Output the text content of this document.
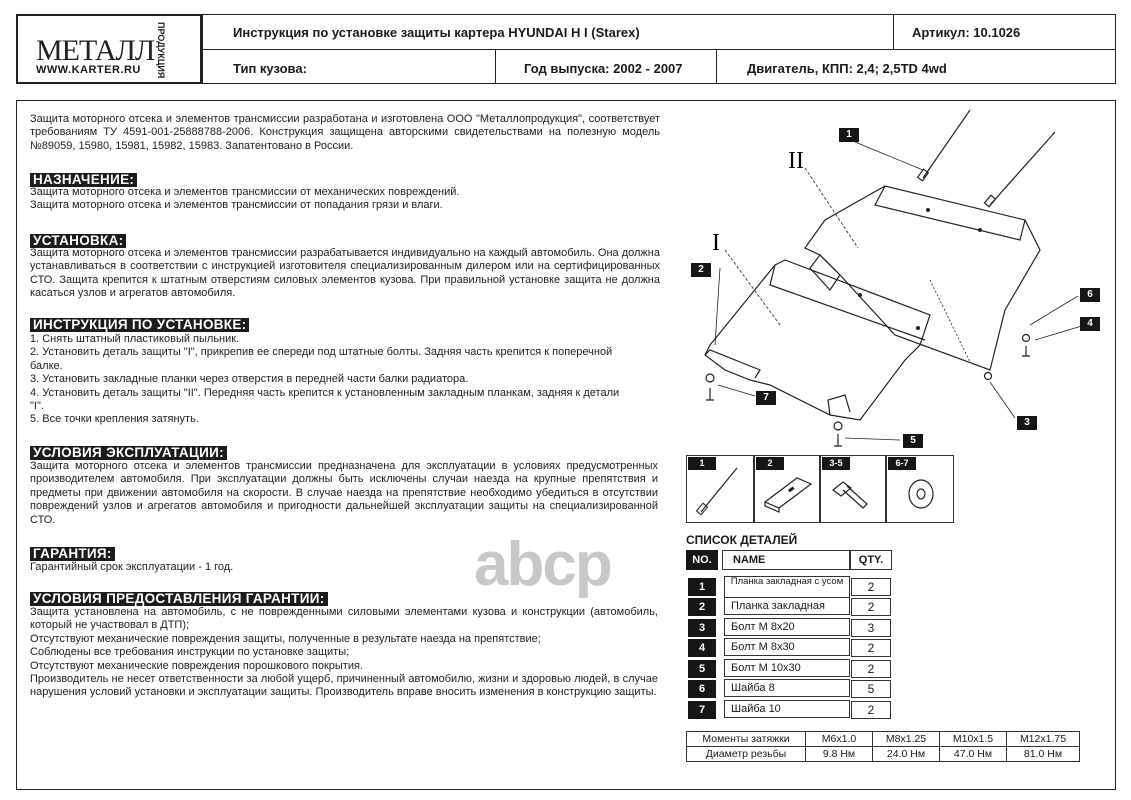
МЕТАЛЛ
WWW.KARTER.RU ПРОДУКЦИЯ	Инструкция по установке защиты картера HYUNDAI H I (Starex)	Артикул: 10.1026
Тип кузова:	Год выпуска: 2002 - 2007	Двигатель, КПП: 2,4; 2,5TD 4wd
Защита моторного отсека и элементов трансмиссии разработана и изготовлена ООО "Металлопродукция", соответствует требованиям ТУ 4591-001-25888788-2006. Конструкция защищена авторскими свидетельствами на полезную модель №89059, 15980, 15981, 15982, 15983. Запатентовано в России.
НАЗНАЧЕНИЕ:
Защита моторного отсека и элементов трансмиссии от механических повреждений.
Защита моторного отсека и элементов трансмиссии от попадания грязи и влаги.
УСТАНОВКА:
Защита моторного отсека и элементов трансмиссии разрабатывается индивидуально на каждый автомобиль. Она должна устанавливаться в соответствии с инструкцией изготовителя специализированным дилером или на сертифицированных СТО. Защита крепится к штатным отверстиям силовых элементов кузова. При правильной установке защита не должна касаться узлов и агрегатов автомобиля.
ИНСТРУКЦИЯ ПО УСТАНОВКЕ:
1. Снять штатный пластиковый пыльник.
2. Установить деталь защиты "I", прикрепив ее спереди под штатные болты. Задняя часть крепится к поперечной балке.
3. Установить закладные планки через отверстия в передней части балки радиатора.
4. Установить деталь защиты "II". Передняя часть крепится к установленным закладным планкам, задняя к детали "I".
5. Все точки крепления затянуть.
УСЛОВИЯ ЭКСПЛУАТАЦИИ:
Защита моторного отсека и элементов трансмиссии предназначена для эксплуатации в условиях предусмотренных производителем автомобиля. При эксплуатации должны быть исключены случаи наезда на крупные препятствия и предметы при движении автомобиля на скорости. В случае наезда на препятствие необходимо убедиться в отсутствии повреждений узлов и агрегатов автомобиля и пригодности дальнейшей эксплуатации защиты на специализированной СТО.
ГАРАНТИЯ:
Гарантийный срок эксплуатации - 1 год.
УСЛОВИЯ ПРЕДОСТАВЛЕНИЯ ГАРАНТИИ:
Защита установлена на автомобиль, с не поврежденными силовыми элементами кузова и конструкции (автомобиль, который не участвовал в ДТП);
Отсутствуют механические повреждения защиты, полученные в результате наезда на препятствие;
Соблюдены все требования инструкции по установке защиты;
Отсутствуют механические повреждения порошкового покрытия.
Производитель не несет ответственности за любой ущерб, причиненный автомобилю, жизни и здоровью людей, в случае нарушения условий установки и эксплуатации защиты. Производитель вправе вносить изменения в конструкцию защиты.
abcp
II
I
1
2
3
4
5
6
7
1	2	3-5	6-7
СПИСОК ДЕТАЛЕЙ
NO.	NAME	QTY.
1	Планка закладная с усом	2
2	Планка закладная	2
3	Болт М 8х20	3
4	Болт М 8х30	2
5	Болт М 10х30	2
6	Шайба 8	5
7	Шайба 10	2
Моменты затяжки	M6x1.0	M8x1.25	M10x1.5	M12x1.75
Диаметр резьбы	9.8 Нм	24.0 Нм	47.0 Нм	81.0 Нм
